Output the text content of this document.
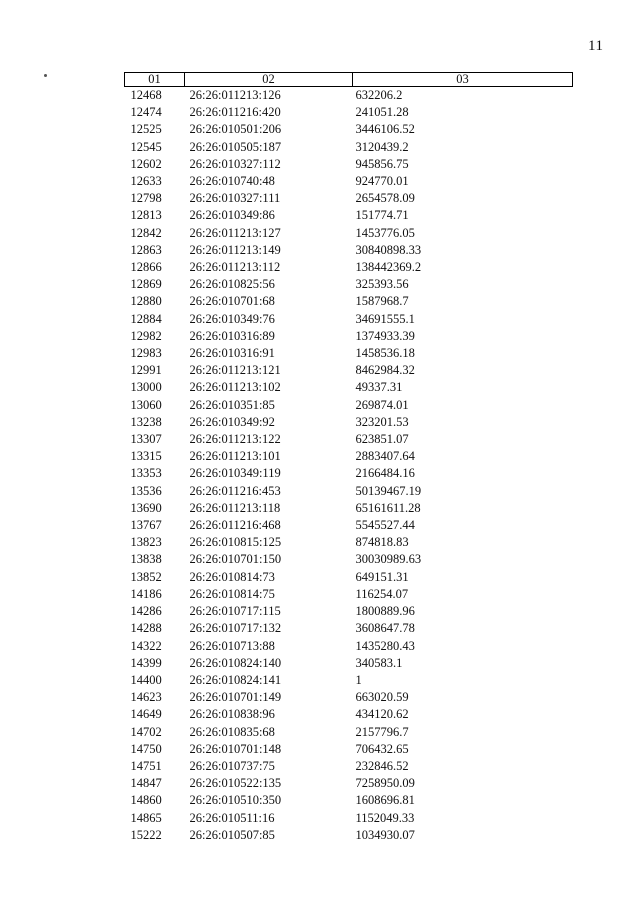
11
01	02	03
12468	26:26:011213:126	632206.2
12474	26:26:011216:420	241051.28
12525	26:26:010501:206	3446106.52
12545	26:26:010505:187	3120439.2
12602	26:26:010327:112	945856.75
12633	26:26:010740:48	924770.01
12798	26:26:010327:111	2654578.09
12813	26:26:010349:86	151774.71
12842	26:26:011213:127	1453776.05
12863	26:26:011213:149	30840898.33
12866	26:26:011213:112	138442369.2
12869	26:26:010825:56	325393.56
12880	26:26:010701:68	1587968.7
12884	26:26:010349:76	34691555.1
12982	26:26:010316:89	1374933.39
12983	26:26:010316:91	1458536.18
12991	26:26:011213:121	8462984.32
13000	26:26:011213:102	49337.31
13060	26:26:010351:85	269874.01
13238	26:26:010349:92	323201.53
13307	26:26:011213:122	623851.07
13315	26:26:011213:101	2883407.64
13353	26:26:010349:119	2166484.16
13536	26:26:011216:453	50139467.19
13690	26:26:011213:118	65161611.28
13767	26:26:011216:468	5545527.44
13823	26:26:010815:125	874818.83
13838	26:26:010701:150	30030989.63
13852	26:26:010814:73	649151.31
14186	26:26:010814:75	116254.07
14286	26:26:010717:115	1800889.96
14288	26:26:010717:132	3608647.78
14322	26:26:010713:88	1435280.43
14399	26:26:010824:140	340583.1
14400	26:26:010824:141	1
14623	26:26:010701:149	663020.59
14649	26:26:010838:96	434120.62
14702	26:26:010835:68	2157796.7
14750	26:26:010701:148	706432.65
14751	26:26:010737:75	232846.52
14847	26:26:010522:135	7258950.09
14860	26:26:010510:350	1608696.81
14865	26:26:010511:16	1152049.33
15222	26:26:010507:85	1034930.07
